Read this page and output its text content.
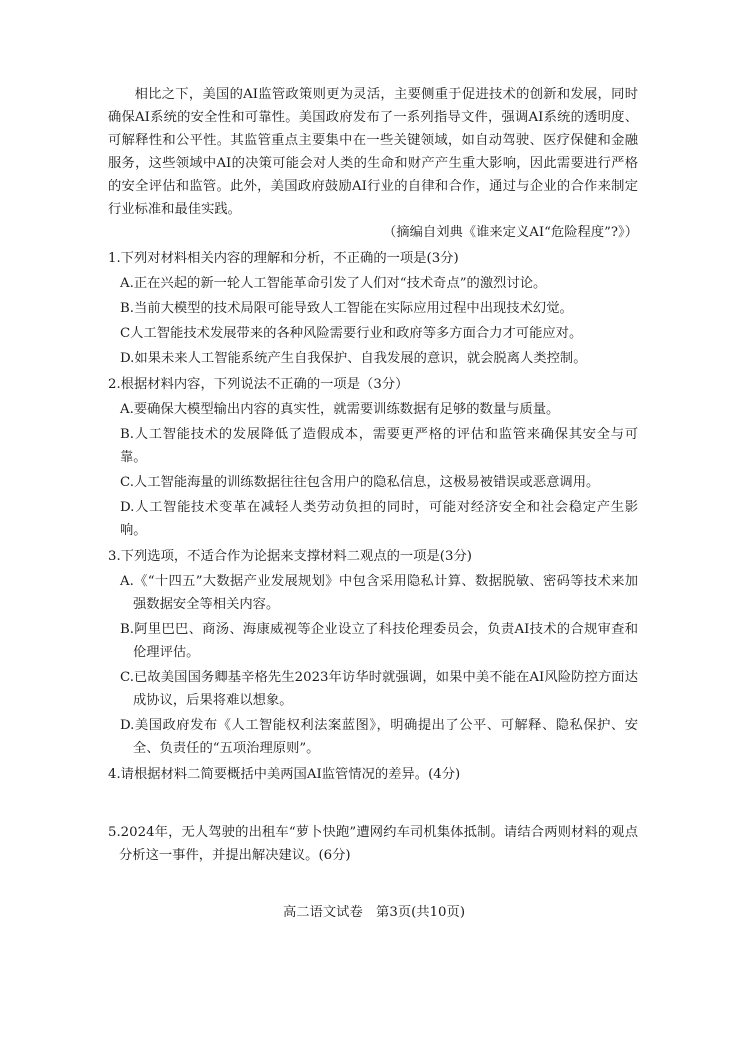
相比之下，美国的AI监管政策则更为灵活，主要侧重于促进技术的创新和发展，同时确保AI系统的安全性和可靠性。美国政府发布了一系列指导文件，强调AI系统的透明度、可解释性和公平性。其监管重点主要集中在一些关键领域，如自动驾驶、医疗保健和金融服务，这些领域中AI的决策可能会对人类的生命和财产产生重大影响，因此需要进行严格的安全评估和监管。此外，美国政府鼓励AI行业的自律和合作，通过与企业的合作来制定行业标准和最佳实践。

（摘编自刘典《谁来定义AI“危险程度”?》）

1.下列对材料相关内容的理解和分析，不正确的一项是(3分)

A.正在兴起的新一轮人工智能革命引发了人们对“技术奇点”的激烈讨论。

B.当前大模型的技术局限可能导致人工智能在实际应用过程中出现技术幻觉。

C人工智能技术发展带来的各种风险需要行业和政府等多方面合力才可能应对。

D.如果未来人工智能系统产生自我保护、自我发展的意识，就会脱离人类控制。

2.根据材料内容，下列说法不正确的一项是（3分）

A.要确保大模型输出内容的真实性，就需要训练数据有足够的数量与质量。

B.人工智能技术的发展降低了造假成本，需要更严格的评估和监管来确保其安全与可靠。

C.人工智能海量的训练数据往往包含用户的隐私信息，这极易被错误或恶意调用。

D.人工智能技术变革在减轻人类劳动负担的同时，可能对经济安全和社会稳定产生影响。

3.下列选项，不适合作为论据来支撑材料二观点的一项是(3分)

A.《“十四五”大数据产业发展规划》中包含采用隐私计算、数据脱敏、密码等技术来加强数据安全等相关内容。

B.阿里巴巴、商汤、海康威视等企业设立了科技伦理委员会，负责AI技术的合规审查和伦理评估。

C.已故美国国务卿基辛格先生2023年访华时就强调，如果中美不能在AI风险防控方面达成协议，后果将难以想象。

D.美国政府发布《人工智能权利法案蓝图》，明确提出了公平、可解释、隐私保护、安全、负责任的“五项治理原则”。

4.请根据材料二简要概括中美两国AI监管情况的差异。(4分)

5.2024年，无人驾驶的出租车“萝卜快跑”遭网约车司机集体抵制。请结合两则材料的观点分析这一事件，并提出解决建议。(6分)

高二语文试卷　第3页(共10页)
